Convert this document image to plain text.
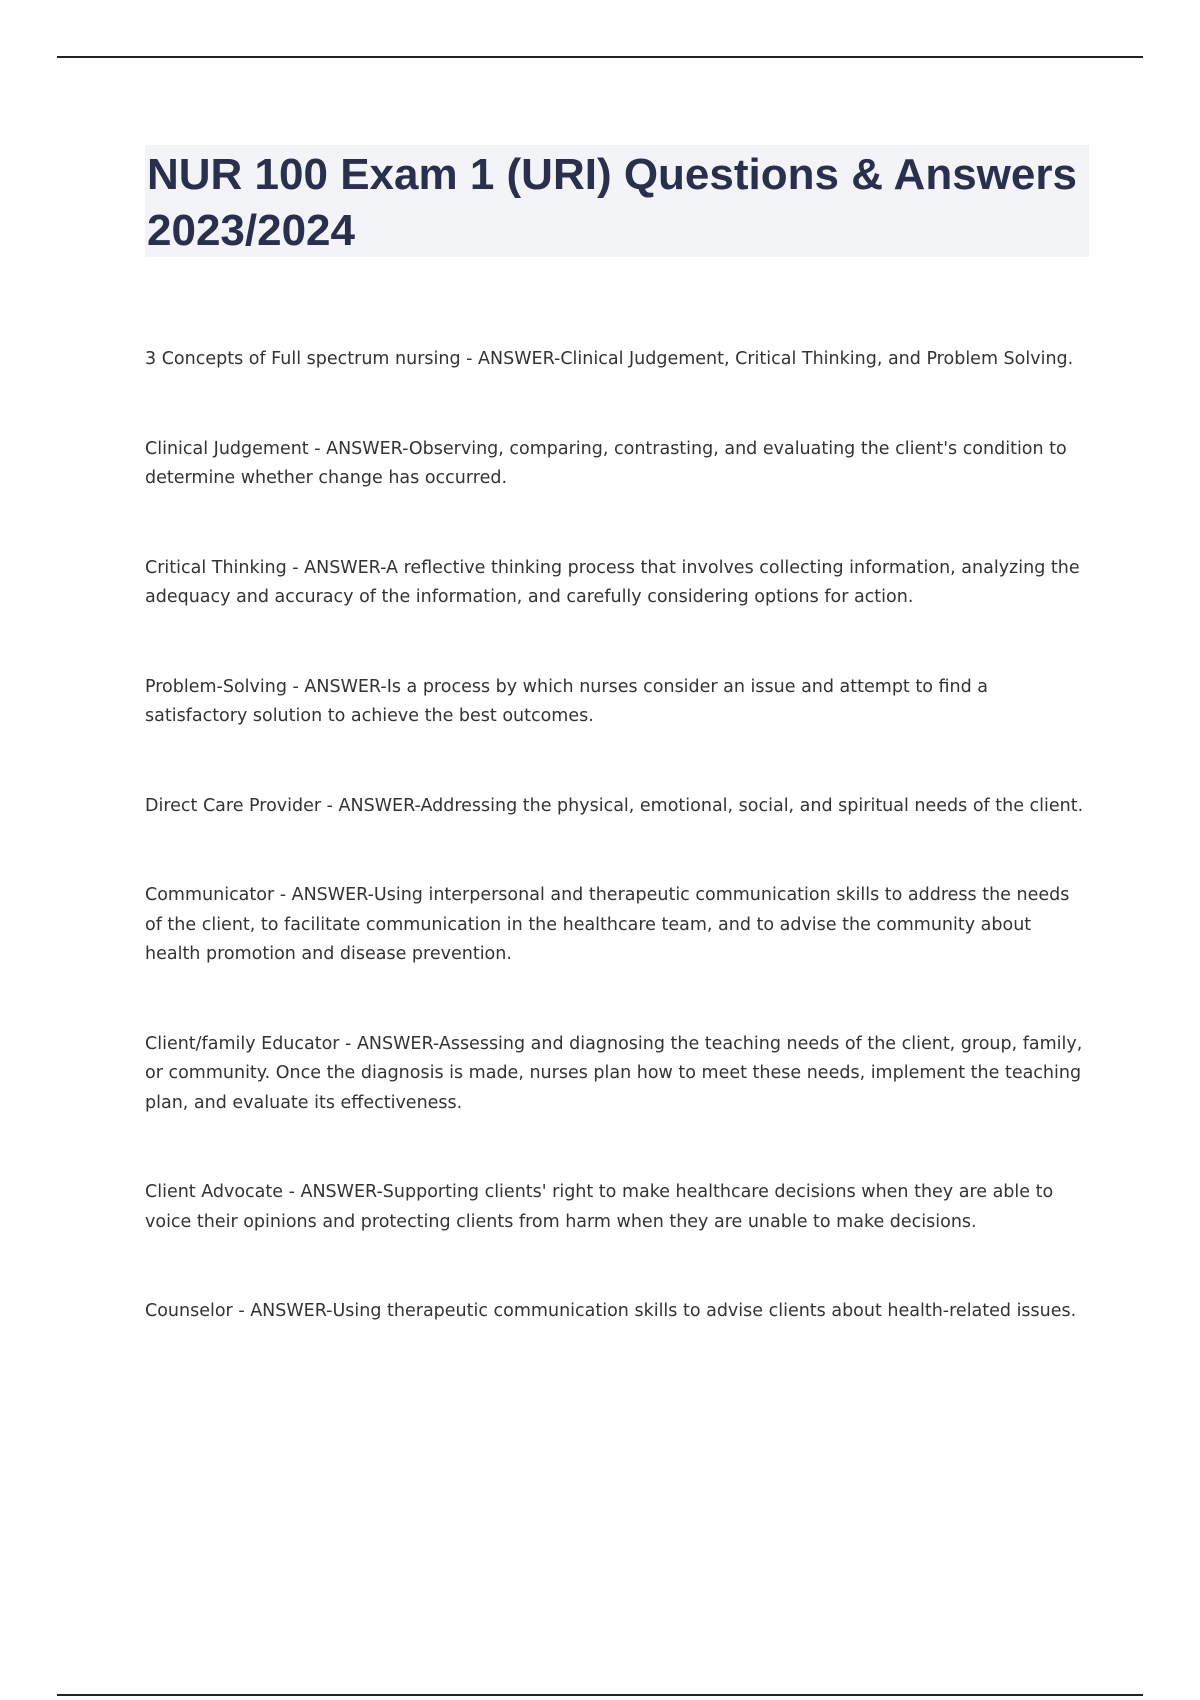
NUR 100 Exam 1 (URI) Questions & Answers 2023/2024
3 Concepts of Full spectrum nursing - ANSWER-Clinical Judgement, Critical Thinking, and Problem Solving.
Clinical Judgement - ANSWER-Observing, comparing, contrasting, and evaluating the client's condition to determine whether change has occurred.
Critical Thinking - ANSWER-A reflective thinking process that involves collecting information, analyzing the adequacy and accuracy of the information, and carefully considering options for action.
Problem-Solving - ANSWER-Is a process by which nurses consider an issue and attempt to find a satisfactory solution to achieve the best outcomes.
Direct Care Provider - ANSWER-Addressing the physical, emotional, social, and spiritual needs of the client.
Communicator - ANSWER-Using interpersonal and therapeutic communication skills to address the needs of the client, to facilitate communication in the healthcare team, and to advise the community about health promotion and disease prevention.
Client/family Educator - ANSWER-Assessing and diagnosing the teaching needs of the client, group, family, or community. Once the diagnosis is made, nurses plan how to meet these needs, implement the teaching plan, and evaluate its effectiveness.
Client Advocate - ANSWER-Supporting clients' right to make healthcare decisions when they are able to voice their opinions and protecting clients from harm when they are unable to make decisions.
Counselor - ANSWER-Using therapeutic communication skills to advise clients about health-related issues.
